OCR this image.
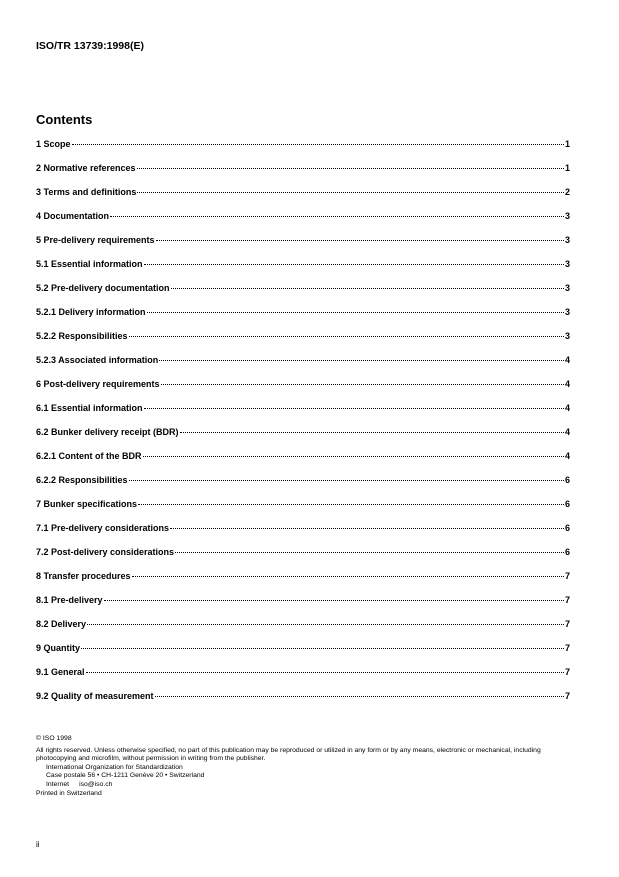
ISO/TR 13739:1998(E)
Contents
1 Scope	1
2 Normative references	1
3 Terms and definitions	2
4 Documentation	3
5 Pre-delivery requirements	3
5.1 Essential information	3
5.2 Pre-delivery documentation	3
5.2.1 Delivery information	3
5.2.2 Responsibilities	3
5.2.3 Associated information	4
6 Post-delivery requirements	4
6.1 Essential information	4
6.2 Bunker delivery receipt (BDR)	4
6.2.1 Content of the BDR	4
6.2.2 Responsibilities	6
7 Bunker specifications	6
7.1 Pre-delivery considerations	6
7.2 Post-delivery considerations	6
8 Transfer procedures	7
8.1 Pre-delivery	7
8.2 Delivery	7
9 Quantity	7
9.1 General	7
9.2 Quality of measurement	7

© ISO 1998

All rights reserved. Unless otherwise specified, no part of this publication may be reproduced or utilized in any form or by any means, electronic or mechanical, including photocopying and microfilm, without permission in writing from the publisher.

International Organization for Standardization

Case postale 56 • CH-1211 Genève 20 • Switzerland

Internet iso@iso.ch

Printed in Switzerland

ii
